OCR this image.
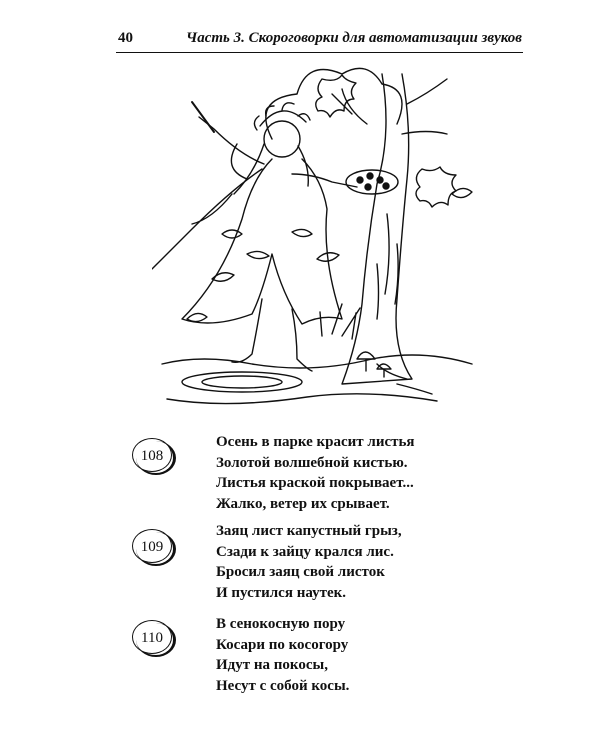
40	Часть 3. Скороговорки для автоматизации звуков
108
Осень в парке красит листья
Золотой волшебной кистью.
Листья краской покрывает...
Жалко, ветер их срывает.
109
Заяц лист капустный грыз,
Сзади к зайцу крался лис.
Бросил заяц свой листок
И пустился наутек.
110
В сенокосную пору
Косари по косогору
Идут на покосы,
Несут с собой косы.
